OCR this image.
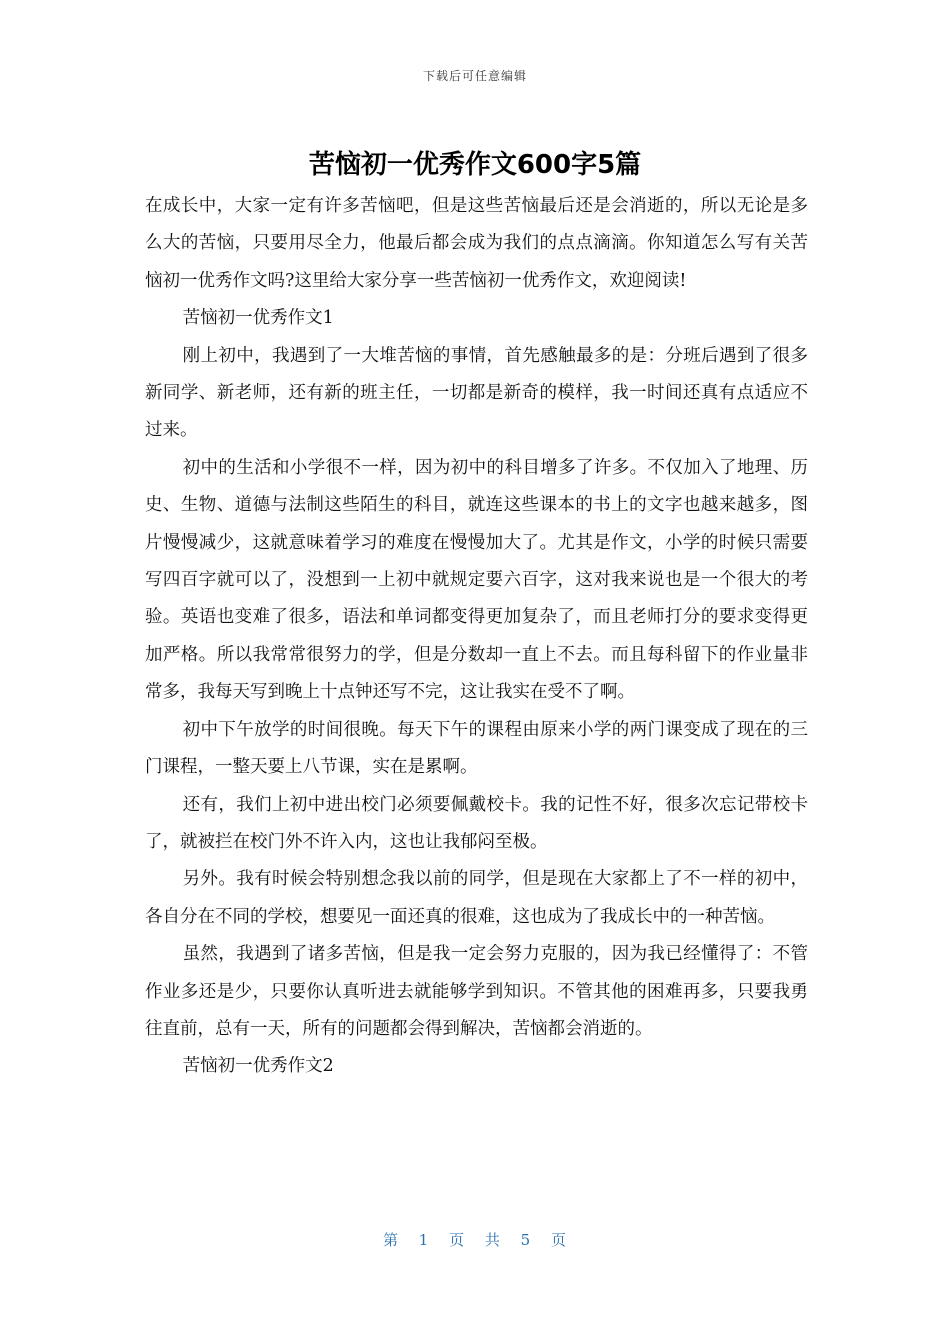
下载后可任意编辑
苦恼初一优秀作文600字5篇

在成长中，大家一定有许多苦恼吧，但是这些苦恼最后还是会消逝的，所以无论是多么大的苦恼，只要用尽全力，他最后都会成为我们的点点滴滴。你知道怎么写有关苦恼初一优秀作文吗?这里给大家分享一些苦恼初一优秀作文，欢迎阅读!

苦恼初一优秀作文1

刚上初中，我遇到了一大堆苦恼的事情，首先感触最多的是：分班后遇到了很多新同学、新老师，还有新的班主任，一切都是新奇的模样，我一时间还真有点适应不过来。

初中的生活和小学很不一样，因为初中的科目增多了许多。不仅加入了地理、历史、生物、道德与法制这些陌生的科目，就连这些课本的书上的文字也越来越多，图片慢慢减少，这就意味着学习的难度在慢慢加大了。尤其是作文，小学的时候只需要写四百字就可以了，没想到一上初中就规定要六百字，这对我来说也是一个很大的考验。英语也变难了很多，语法和单词都变得更加复杂了，而且老师打分的要求变得更加严格。所以我常常很努力的学，但是分数却一直上不去。而且每科留下的作业量非常多，我每天写到晚上十点钟还写不完，这让我实在受不了啊。

初中下午放学的时间很晚。每天下午的课程由原来小学的两门课变成了现在的三门课程，一整天要上八节课，实在是累啊。

还有，我们上初中进出校门必须要佩戴校卡。我的记性不好，很多次忘记带校卡了，就被拦在校门外不许入内，这也让我郁闷至极。

另外。我有时候会特别想念我以前的同学，但是现在大家都上了不一样的初中，各自分在不同的学校，想要见一面还真的很难，这也成为了我成长中的一种苦恼。

虽然，我遇到了诸多苦恼，但是我一定会努力克服的，因为我已经懂得了：不管作业多还是少，只要你认真听进去就能够学到知识。不管其他的困难再多，只要我勇往直前，总有一天，所有的问题都会得到解决，苦恼都会消逝的。

苦恼初一优秀作文2

第 1 页 共 5 页
